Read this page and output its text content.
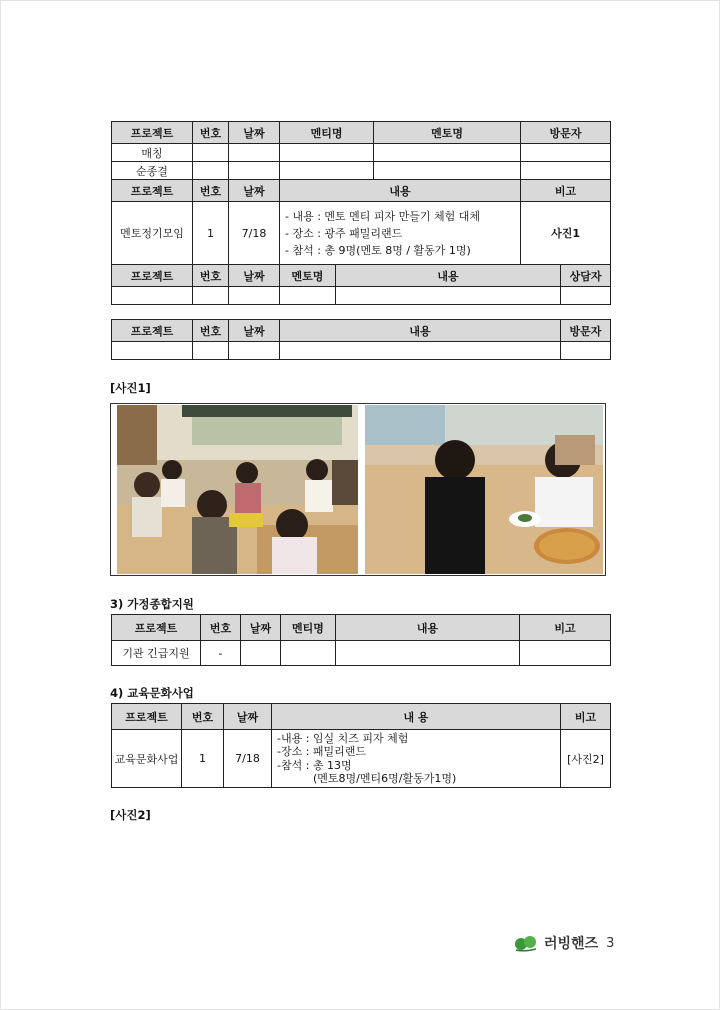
프로젝트	번호	날짜	멘티명		멘토명	방문자	
매칭							
순종결							
프로젝트	번호	날짜	내용			비고	
멘토정기모임	1	7/18	- 내용 : 멘토 멘티 피자 만들기 체험 대체
- 장소 : 광주 패밀리랜드
- 참석 : 총 9명(멘토 8명 / 활동가 1명)			사진1	
프로젝트	번호	날짜	멘토명	내용			상담자

프로젝트	번호	날짜	내용	방문자

[사진1]
3) 가정종합지원
프로젝트	번호	날짜	멘티명	내용	비고
기관 긴급지원	-				
4) 교육문화사업
프로젝트	번호	날짜	내 용	비고
교육문화사업	1	7/18	-내용 : 임실 치즈 피자 체험
-장소 : 패밀리랜드
-참석 : 총 13명
(멘토8명/멘티6명/활동가1명)	[사진2]
[사진2]
러빙핸즈 3
